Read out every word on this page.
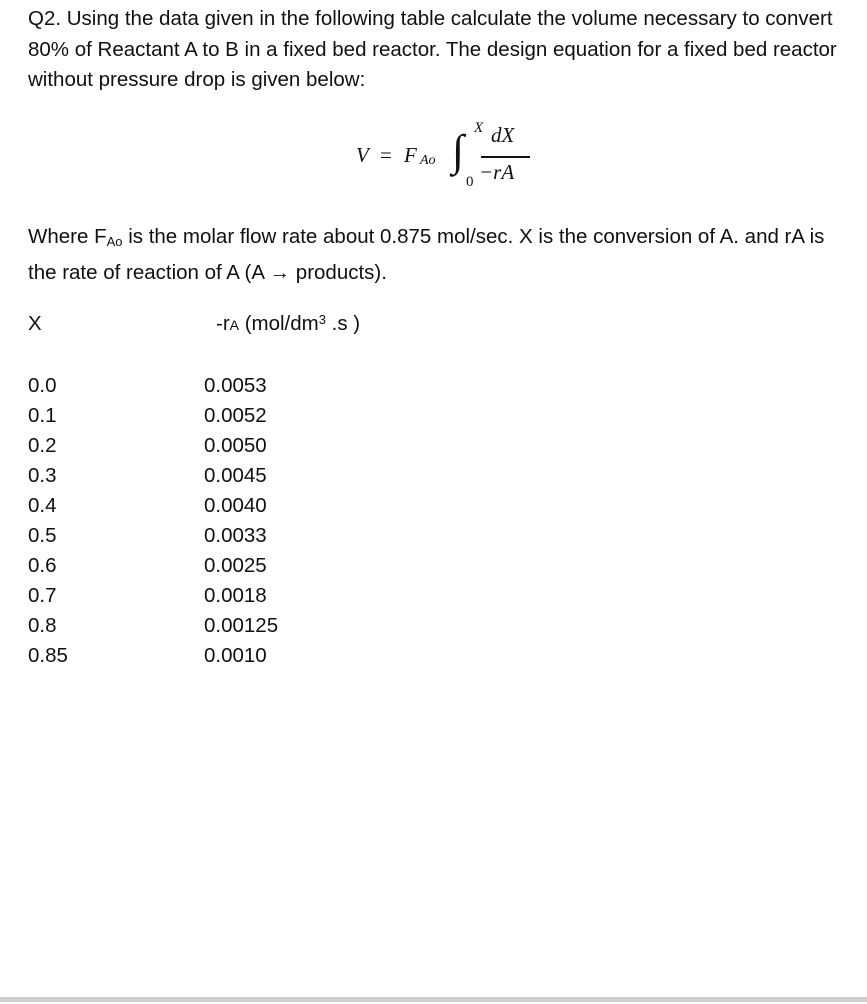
Q2. Using the data given in the following table calculate the volume necessary to convert 80% of Reactant A to B in a fixed bed reactor. The design equation for a fixed bed reactor without pressure drop is given below:

V = F Ao ∫ X
0
dX
−rA

Where $F_{Ao}$ is the molar flow rate about 0.875 mol/sec. X is the conversion of A. and rA is the rate of reaction of A (A → products).

X	-rA ($mol/dm^3$ .s )
0.0	0.0053
0.1	0.0052
0.2	0.0050
0.3	0.0045
0.4	0.0040
0.5	0.0033
0.6	0.0025
0.7	0.0018
0.8	0.00125
0.85	0.0010
